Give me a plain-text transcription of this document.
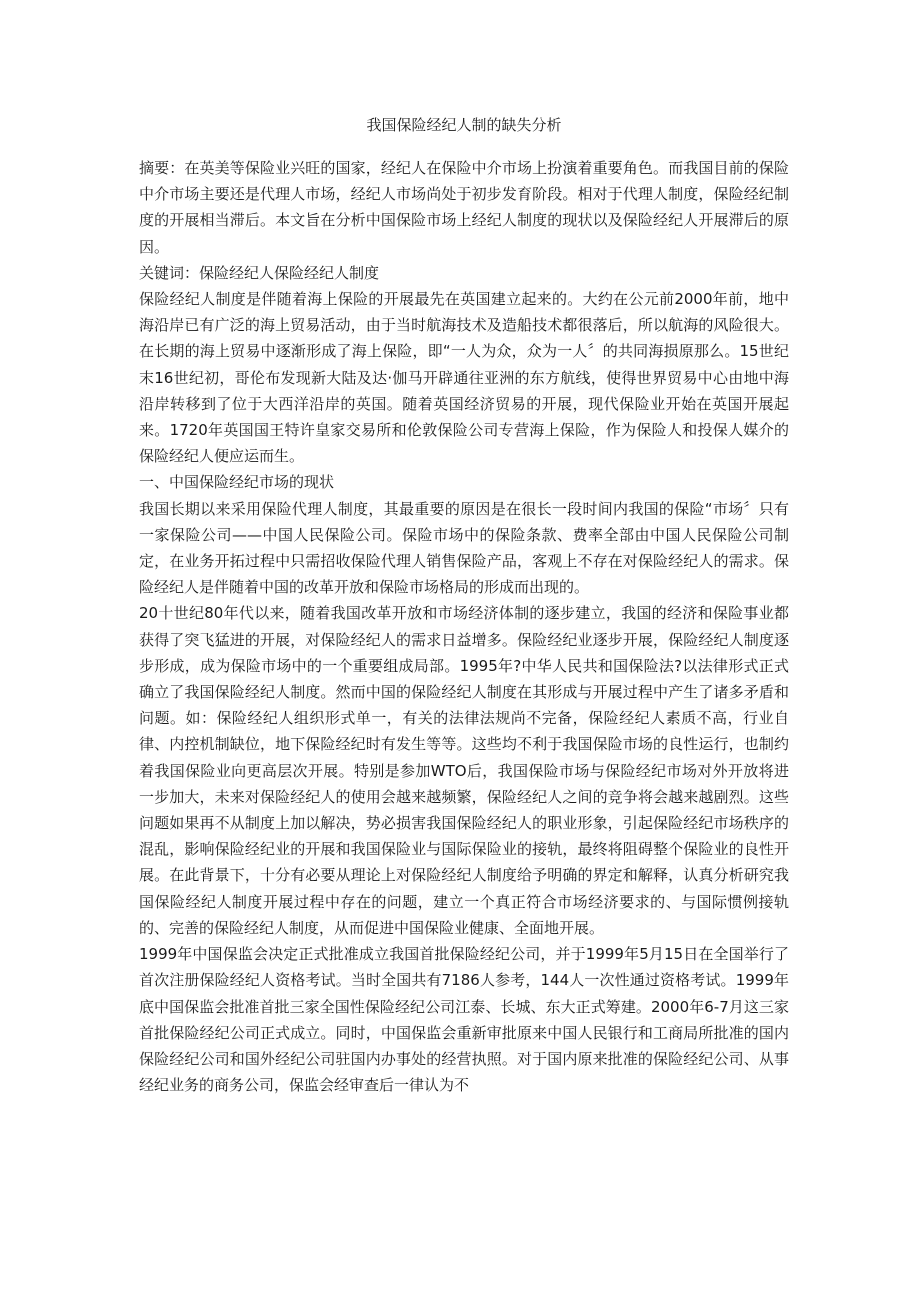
我国保险经纪人制的缺失分析

摘要：在英美等保险业兴旺的国家，经纪人在保险中介市场上扮演着重要角色。而我国目前的保险中介市场主要还是代理人市场，经纪人市场尚处于初步发育阶段。相对于代理人制度，保险经纪制度的开展相当滞后。本文旨在分析中国保险市场上经纪人制度的现状以及保险经纪人开展滞后的原因。

关键词：保险经纪人保险经纪人制度

保险经纪人制度是伴随着海上保险的开展最先在英国建立起来的。大约在公元前2000年前，地中海沿岸已有广泛的海上贸易活动，由于当时航海技术及造船技术都很落后，所以航海的风险很大。在长期的海上贸易中逐渐形成了海上保险，即“一人为众，众为一人〞的共同海损原那么。15世纪末16世纪初，哥伦布发现新大陆及达·伽马开辟通往亚洲的东方航线，使得世界贸易中心由地中海沿岸转移到了位于大西洋沿岸的英国。随着英国经济贸易的开展，现代保险业开始在英国开展起来。1720年英国国王特许皇家交易所和伦敦保险公司专营海上保险，作为保险人和投保人媒介的保险经纪人便应运而生。

一、中国保险经纪市场的现状

我国长期以来采用保险代理人制度，其最重要的原因是在很长一段时间内我国的保险“市场〞只有一家保险公司——中国人民保险公司。保险市场中的保险条款、费率全部由中国人民保险公司制定，在业务开拓过程中只需招收保险代理人销售保险产品，客观上不存在对保险经纪人的需求。保险经纪人是伴随着中国的改革开放和保险市场格局的形成而出现的。

20十世纪80年代以来，随着我国改革开放和市场经济体制的逐步建立，我国的经济和保险事业都获得了突飞猛进的开展，对保险经纪人的需求日益增多。保险经纪业逐步开展，保险经纪人制度逐步形成，成为保险市场中的一个重要组成局部。1995年?中华人民共和国保险法?以法律形式正式确立了我国保险经纪人制度。然而中国的保险经纪人制度在其形成与开展过程中产生了诸多矛盾和问题。如：保险经纪人组织形式单一，有关的法律法规尚不完备，保险经纪人素质不高，行业自律、内控机制缺位，地下保险经纪时有发生等等。这些均不利于我国保险市场的良性运行，也制约着我国保险业向更高层次开展。特别是参加WTO后，我国保险市场与保险经纪市场对外开放将进一步加大，未来对保险经纪人的使用会越来越频繁，保险经纪人之间的竞争将会越来越剧烈。这些问题如果再不从制度上加以解决，势必损害我国保险经纪人的职业形象，引起保险经纪市场秩序的混乱，影响保险经纪业的开展和我国保险业与国际保险业的接轨，最终将阻碍整个保险业的良性开展。在此背景下，十分有必要从理论上对保险经纪人制度给予明确的界定和解释，认真分析研究我国保险经纪人制度开展过程中存在的问题，建立一个真正符合市场经济要求的、与国际惯例接轨的、完善的保险经纪人制度，从而促进中国保险业健康、全面地开展。

1999年中国保监会决定正式批准成立我国首批保险经纪公司，并于1999年5月15日在全国举行了首次注册保险经纪人资格考试。当时全国共有7186人参考，144人一次性通过资格考试。1999年底中国保监会批准首批三家全国性保险经纪公司江泰、长城、东大正式筹建。2000年6-7月这三家首批保险经纪公司正式成立。同时，中国保监会重新审批原来中国人民银行和工商局所批准的国内保险经纪公司和国外经纪公司驻国内办事处的经营执照。对于国内原来批准的保险经纪公司、从事经纪业务的商务公司，保监会经审查后一律认为不
